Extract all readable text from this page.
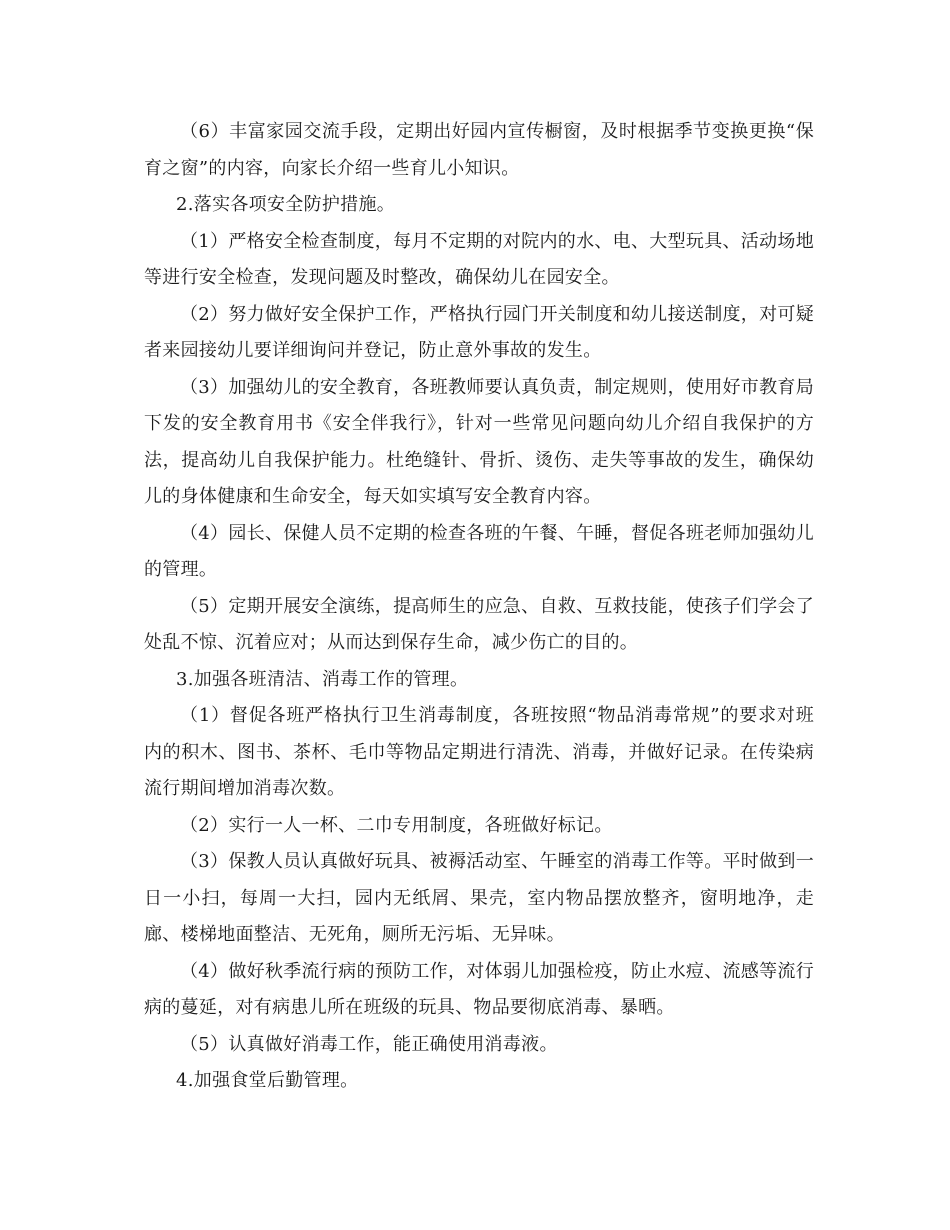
（6）丰富家园交流手段，定期出好园内宣传橱窗，及时根据季节变换更换“保育之窗”的内容，向家长介绍一些育儿小知识。

2.落实各项安全防护措施。

（1）严格安全检查制度，每月不定期的对院内的水、电、大型玩具、活动场地等进行安全检查，发现问题及时整改，确保幼儿在园安全。

（2）努力做好安全保护工作，严格执行园门开关制度和幼儿接送制度，对可疑者来园接幼儿要详细询问并登记，防止意外事故的发生。

（3）加强幼儿的安全教育，各班教师要认真负责，制定规则，使用好市教育局下发的安全教育用书《安全伴我行》，针对一些常见问题向幼儿介绍自我保护的方法，提高幼儿自我保护能力。杜绝缝针、骨折、烫伤、走失等事故的发生，确保幼儿的身体健康和生命安全，每天如实填写安全教育内容。

（4）园长、保健人员不定期的检查各班的午餐、午睡，督促各班老师加强幼儿的管理。

（5）定期开展安全演练，提高师生的应急、自救、互救技能，使孩子们学会了处乱不惊、沉着应对；从而达到保存生命，减少伤亡的目的。

3.加强各班清洁、消毒工作的管理。

（1）督促各班严格执行卫生消毒制度，各班按照“物品消毒常规”的要求对班内的积木、图书、茶杯、毛巾等物品定期进行清洗、消毒，并做好记录。在传染病流行期间增加消毒次数。

（2）实行一人一杯、二巾专用制度，各班做好标记。

（3）保教人员认真做好玩具、被褥活动室、午睡室的消毒工作等。平时做到一日一小扫，每周一大扫，园内无纸屑、果壳，室内物品摆放整齐，窗明地净，走廊、楼梯地面整洁、无死角，厕所无污垢、无异味。

（4）做好秋季流行病的预防工作，对体弱儿加强检疫，防止水痘、流感等流行病的蔓延，对有病患儿所在班级的玩具、物品要彻底消毒、暴晒。

（5）认真做好消毒工作，能正确使用消毒液。

4.加强食堂后勤管理。
